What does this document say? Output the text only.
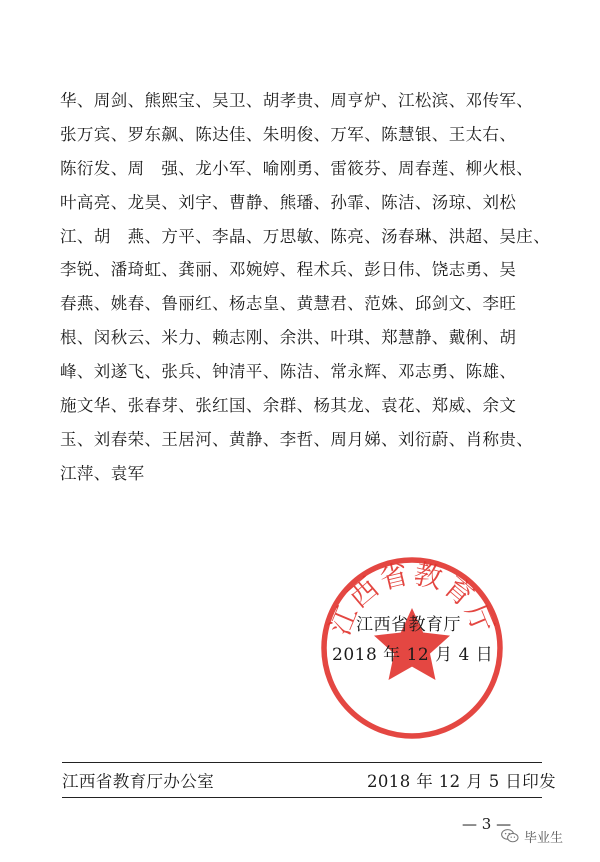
华、周剑、熊熙宝、吴卫、胡孝贵、周亨炉、江松滨、邓传军、
张万宾、罗东飙、陈达佳、朱明俊、万军、陈慧银、王太右、
陈衍发、周　强、龙小军、喻刚勇、雷筱芬、周春莲、柳火根、
叶高亮、龙昊、刘宇、曹静、熊璠、孙霏、陈洁、汤琼、刘松
江、胡　燕、方平、李晶、万思敏、陈亮、汤春琳、洪超、吴庄、
李锐、潘琦虹、龚丽、邓婉婷、程术兵、彭日伟、饶志勇、吴
春燕、姚春、鲁丽红、杨志皇、黄慧君、范姝、邱剑文、李旺
根、闵秋云、米力、赖志刚、余洪、叶琪、郑慧静、戴俐、胡
峰、刘遂飞、张兵、钟清平、陈洁、常永辉、邓志勇、陈雄、
施文华、张春芽、张红国、余群、杨其龙、袁花、郑威、余文
玉、刘春荣、王居河、黄静、李哲、周月娣、刘衍蔚、肖称贵、
江萍、袁军
江西省教育厅
江西省教育厅
2018 年 12 月 4 日
江西省教育厅办公室	2018 年 12 月 5 日印发
— 3 —
毕业生
